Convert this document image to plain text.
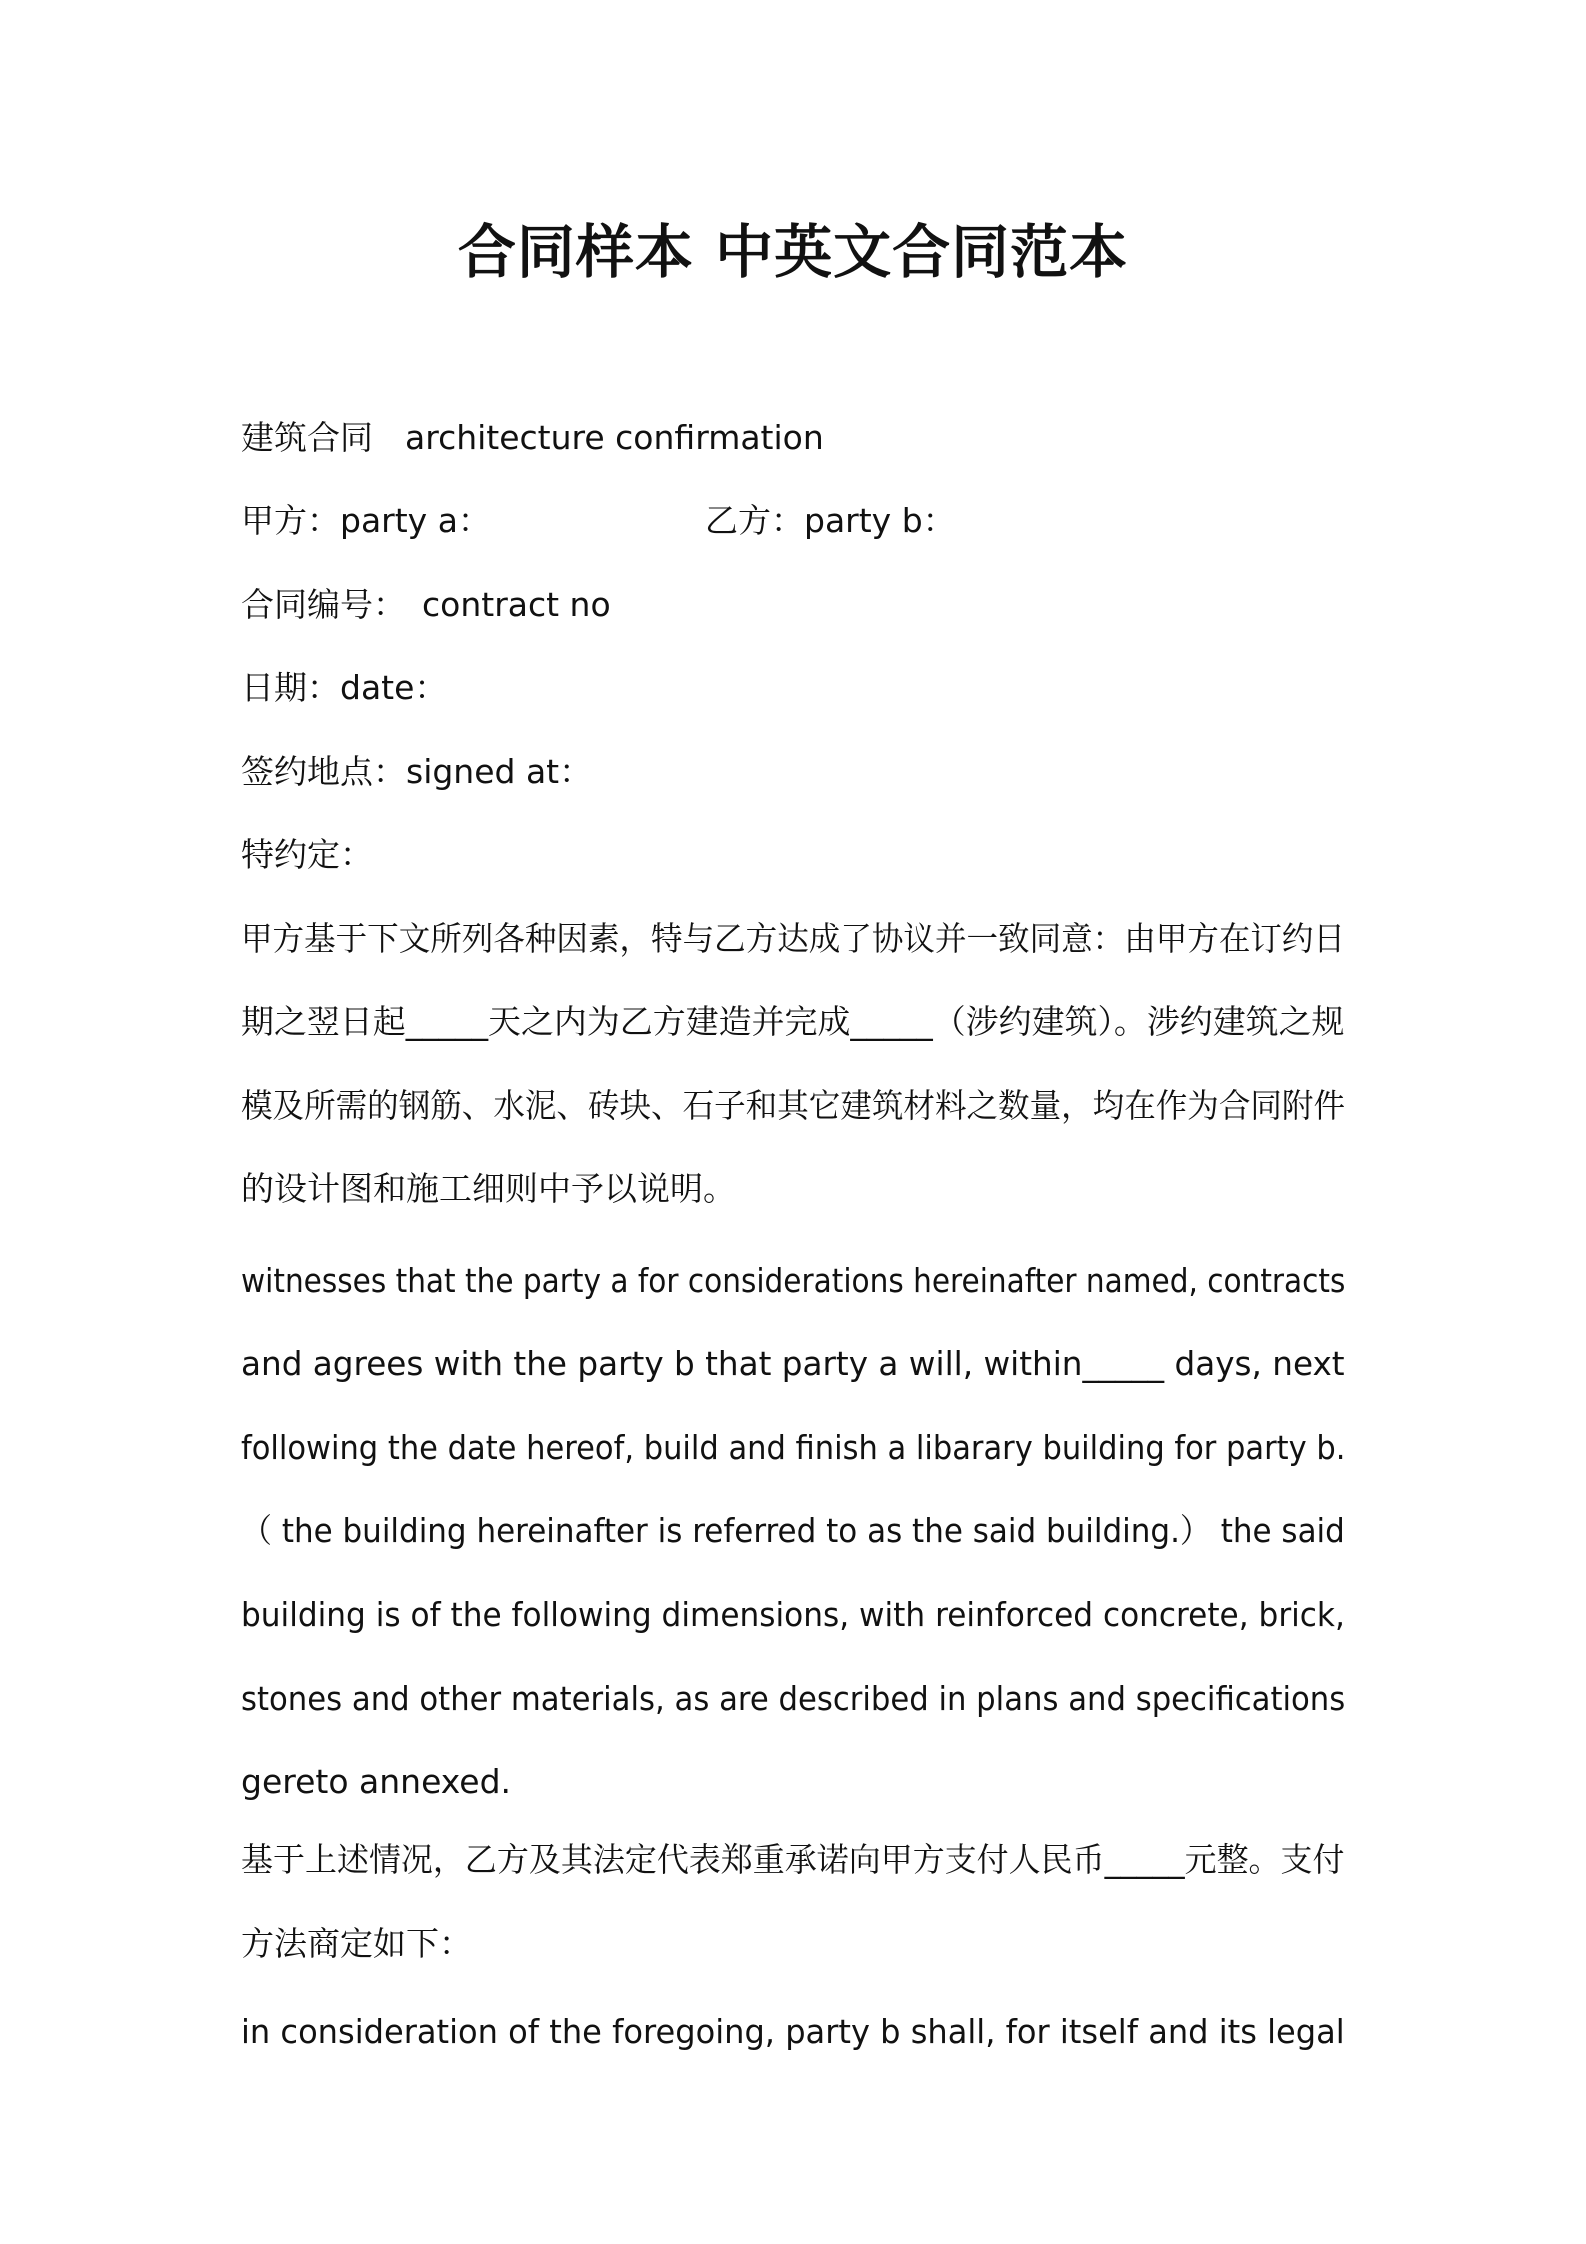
合同样本 中英文合同范本
建筑合同 architecture confirmation
甲方：party a：	乙方：party b：
合同编号： contract no
日期：date：
签约地点：signed at：
特约定：
甲方基于下文所列各种因素，特与乙方达成了协议并一致同意：由甲方在订约日
期之翌日起_____天之内为乙方建造并完成_____（涉约建筑）。涉约建筑之规
模及所需的钢筋、水泥、砖块、石子和其它建筑材料之数量，均在作为合同附件
的设计图和施工细则中予以说明。
witnesses that the party a for considerations hereinafter named, contracts
and agrees with the party b that party a will, within_____ days, next
following the date hereof, build and finish a libarary building for party b.
（ the building hereinafter is referred to as the said building.） the said
building is of the following dimensions, with reinforced concrete, brick,
stones and other materials, as are described in plans and specifications
gereto annexed.
基于上述情况，乙方及其法定代表郑重承诺向甲方支付人民币_____元整。支付
方法商定如下：
in consideration of the foregoing, party b shall, for itself and its legal
